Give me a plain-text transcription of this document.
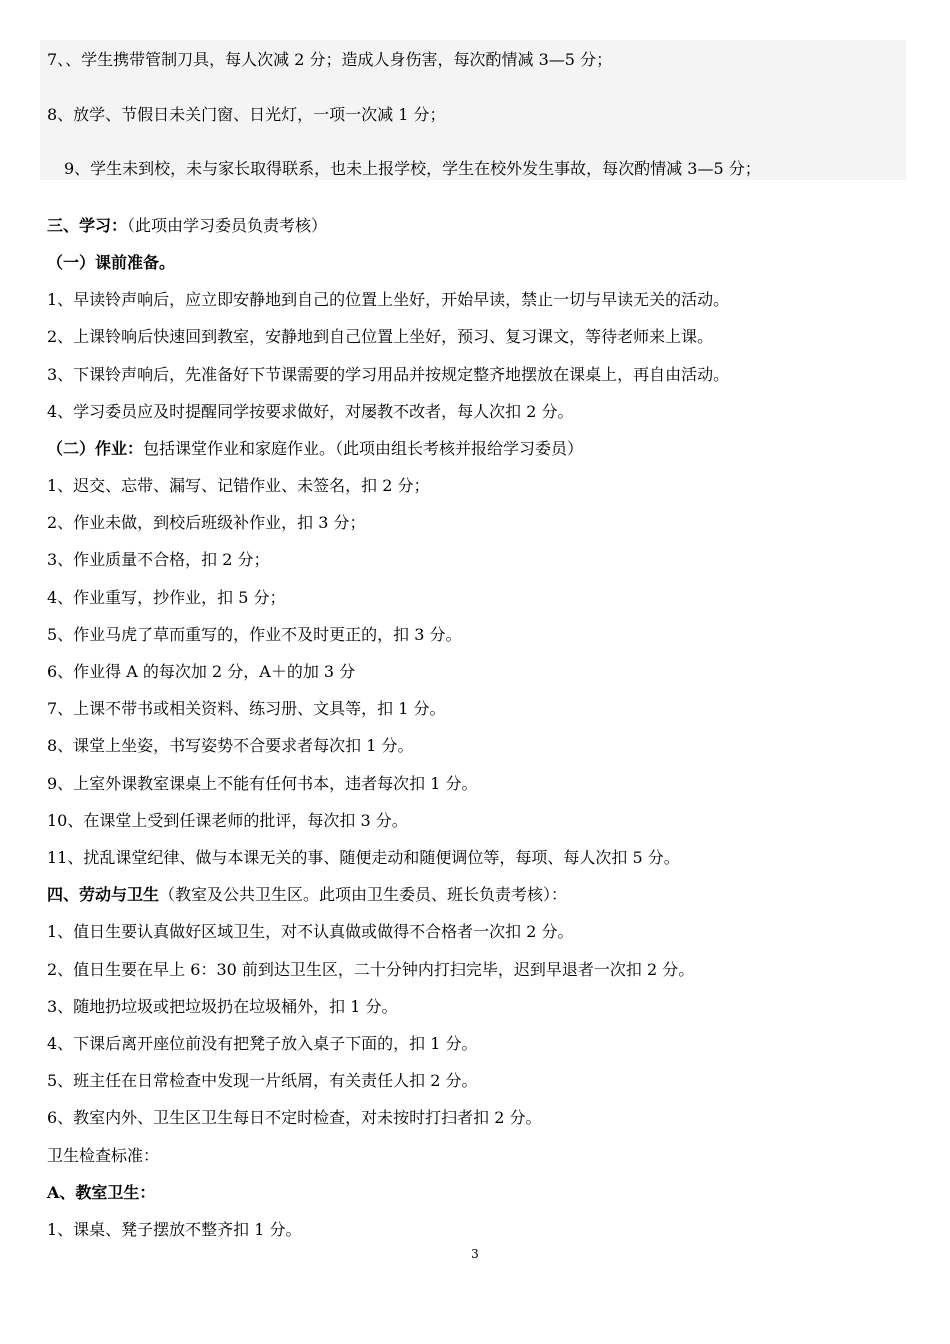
7、、学生携带管制刀具，每人次减 2 分；造成人身伤害，每次酌情减 3—5 分；
8、放学、节假日未关门窗、日光灯，一项一次减 1 分；
9、学生未到校，未与家长取得联系，也未上报学校，学生在校外发生事故，每次酌情减 3—5 分；
三、学习：（此项由学习委员负责考核）
（一）课前准备。
1、早读铃声响后，应立即安静地到自己的位置上坐好，开始早读，禁止一切与早读无关的活动。
2、上课铃响后快速回到教室，安静地到自己位置上坐好，预习、复习课文，等待老师来上课。
3、下课铃声响后，先准备好下节课需要的学习用品并按规定整齐地摆放在课桌上，再自由活动。
4、学习委员应及时提醒同学按要求做好，对屡教不改者，每人次扣 2 分。
（二）作业：包括课堂作业和家庭作业。（此项由组长考核并报给学习委员）
1、迟交、忘带、漏写、记错作业、未签名，扣 2 分；
2、作业未做，到校后班级补作业，扣 3 分；
3、作业质量不合格，扣 2 分；
4、作业重写，抄作业，扣 5 分；
5、作业马虎了草而重写的，作业不及时更正的，扣 3 分。
6、作业得 A 的每次加 2 分，A＋的加 3 分
7、上课不带书或相关资料、练习册、文具等，扣 1 分。
8、课堂上坐姿，书写姿势不合要求者每次扣 1 分。
9、上室外课教室课桌上不能有任何书本，违者每次扣 1 分。
10、在课堂上受到任课老师的批评，每次扣 3 分。
11、扰乱课堂纪律、做与本课无关的事、随便走动和随便调位等，每项、每人次扣 5 分。
四、劳动与卫生（教室及公共卫生区。此项由卫生委员、班长负责考核）：
1、值日生要认真做好区域卫生，对不认真做或做得不合格者一次扣 2 分。
2、值日生要在早上 6：30 前到达卫生区，二十分钟内打扫完毕，迟到早退者一次扣 2 分。
3、随地扔垃圾或把垃圾扔在垃圾桶外，扣 1 分。
4、下课后离开座位前没有把凳子放入桌子下面的，扣 1 分。
5、班主任在日常检查中发现一片纸屑，有关责任人扣 2 分。
6、教室内外、卫生区卫生每日不定时检查，对未按时打扫者扣 2 分。
卫生检查标准：
A、教室卫生：
1、课桌、凳子摆放不整齐扣 1 分。
3
